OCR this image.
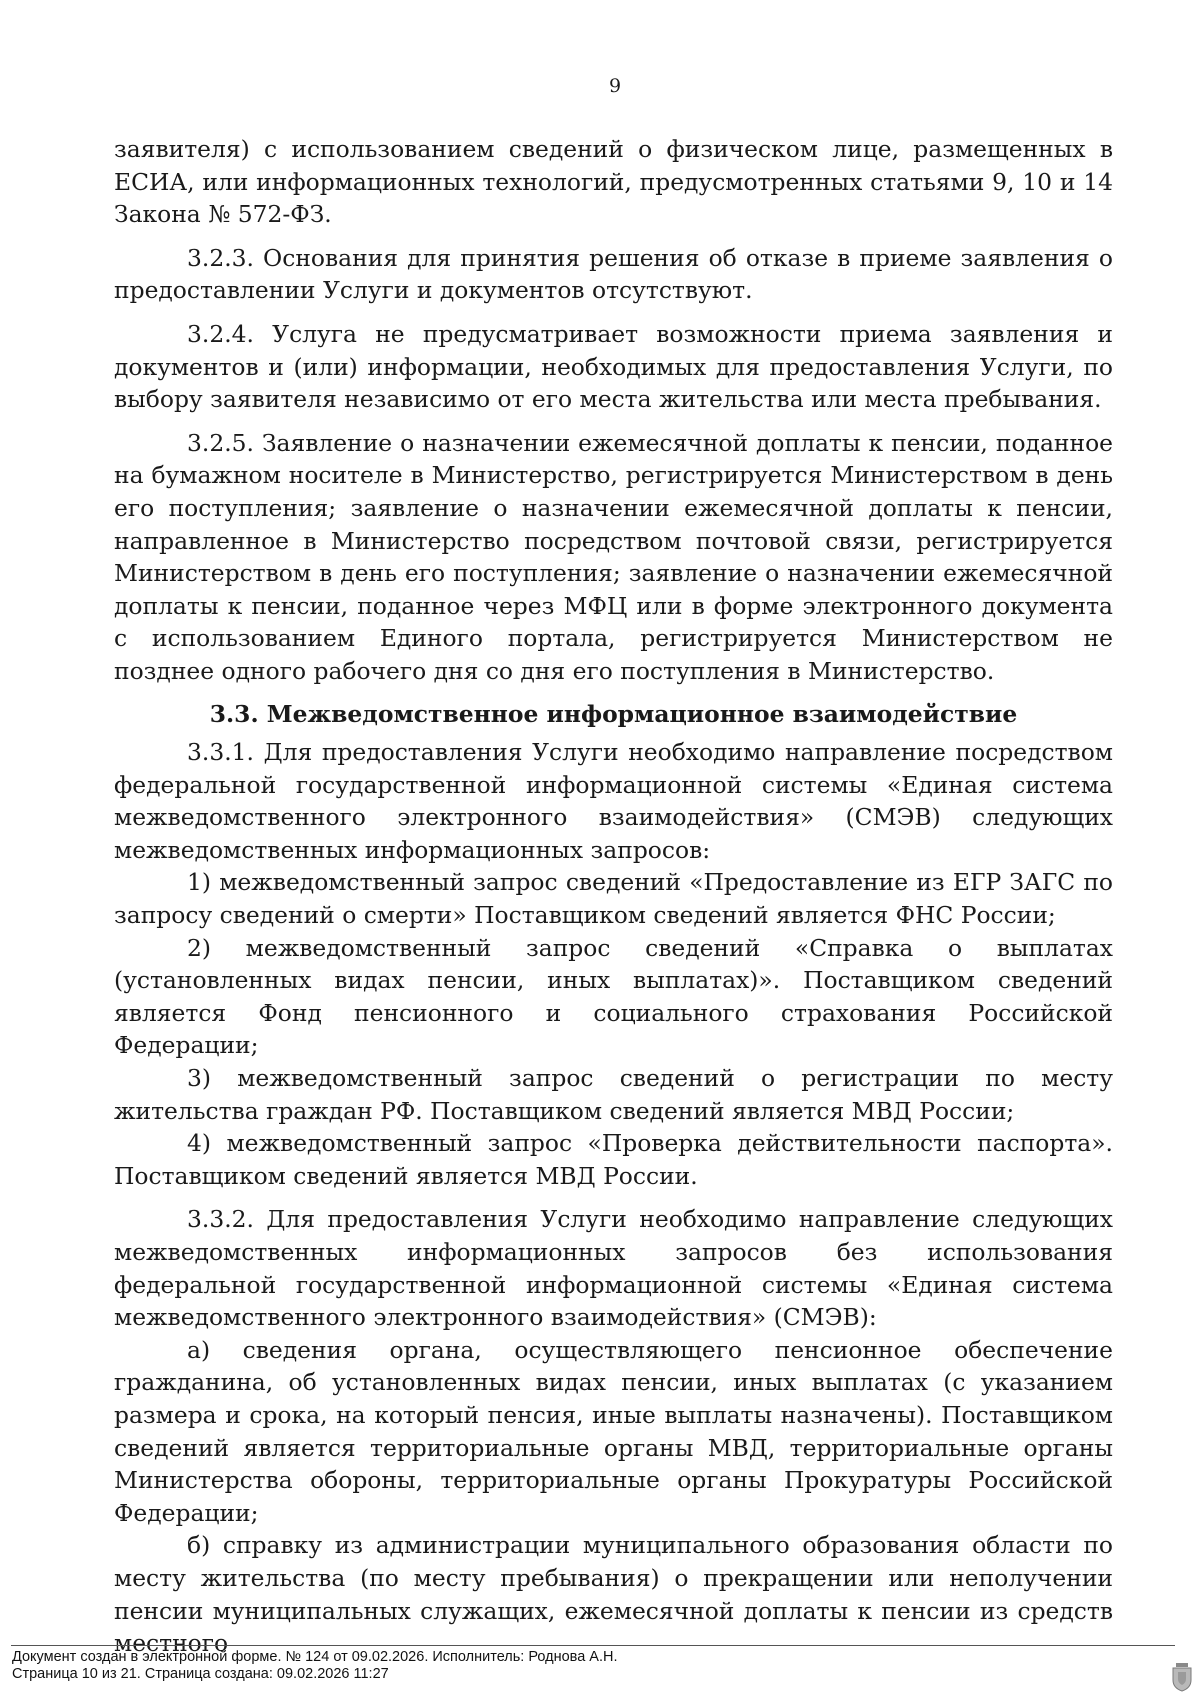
9

заявителя) с использованием сведений о физическом лице, размещенных в ЕСИА, или информационных технологий, предусмотренных статьями 9, 10 и 14 Закона № 572-ФЗ.

3.2.3. Основания для принятия решения об отказе в приеме заявления о предоставлении Услуги и документов отсутствуют.

3.2.4. Услуга не предусматривает возможности приема заявления и документов и (или) информации, необходимых для предоставления Услуги, по выбору заявителя независимо от его места жительства или места пребывания.

3.2.5. Заявление о назначении ежемесячной доплаты к пенсии, поданное на бумажном носителе в Министерство, регистрируется Министерством в день его поступления; заявление о назначении ежемесячной доплаты к пенсии, направленное в Министерство посредством почтовой связи, регистрируется Министерством в день его поступления; заявление о назначении ежемесячной доплаты к пенсии, поданное через МФЦ или в форме электронного документа с использованием Единого портала, регистрируется Министерством не позднее одного рабочего дня со дня его поступления в Министерство.

3.3. Межведомственное информационное взаимодействие

3.3.1. Для предоставления Услуги необходимо направление посредством федеральной государственной информационной системы «Единая система межведомственного электронного взаимодействия» (СМЭВ) следующих межведомственных информационных запросов:

1) межведомственный запрос сведений «Предоставление из ЕГР ЗАГС по запросу сведений о смерти» Поставщиком сведений является ФНС России;

2) межведомственный запрос сведений «Справка о выплатах (установленных видах пенсии, иных выплатах)». Поставщиком сведений является Фонд пенсионного и социального страхования Российской Федерации;

3) межведомственный запрос сведений о регистрации по месту жительства граждан РФ. Поставщиком сведений является МВД России;

4) межведомственный запрос «Проверка действительности паспорта». Поставщиком сведений является МВД России.

3.3.2. Для предоставления Услуги необходимо направление следующих межведомственных информационных запросов без использования федеральной государственной информационной системы «Единая система межведомственного электронного взаимодействия» (СМЭВ):

а) сведения органа, осуществляющего пенсионное обеспечение гражданина, об установленных видах пенсии, иных выплатах (с указанием размера и срока, на который пенсия, иные выплаты назначены). Поставщиком сведений является территориальные органы МВД, территориальные органы Министерства обороны, территориальные органы Прокуратуры Российской Федерации;

б) справку из администрации муниципального образования области по месту жительства (по месту пребывания) о прекращении или неполучении пенсии муниципальных служащих, ежемесячной доплаты к пенсии из средств местного

Документ создан в электронной форме. № 124 от 09.02.2026. Исполнитель: Роднова А.Н.
Страница 10 из 21. Страница создана: 09.02.2026 11:27
